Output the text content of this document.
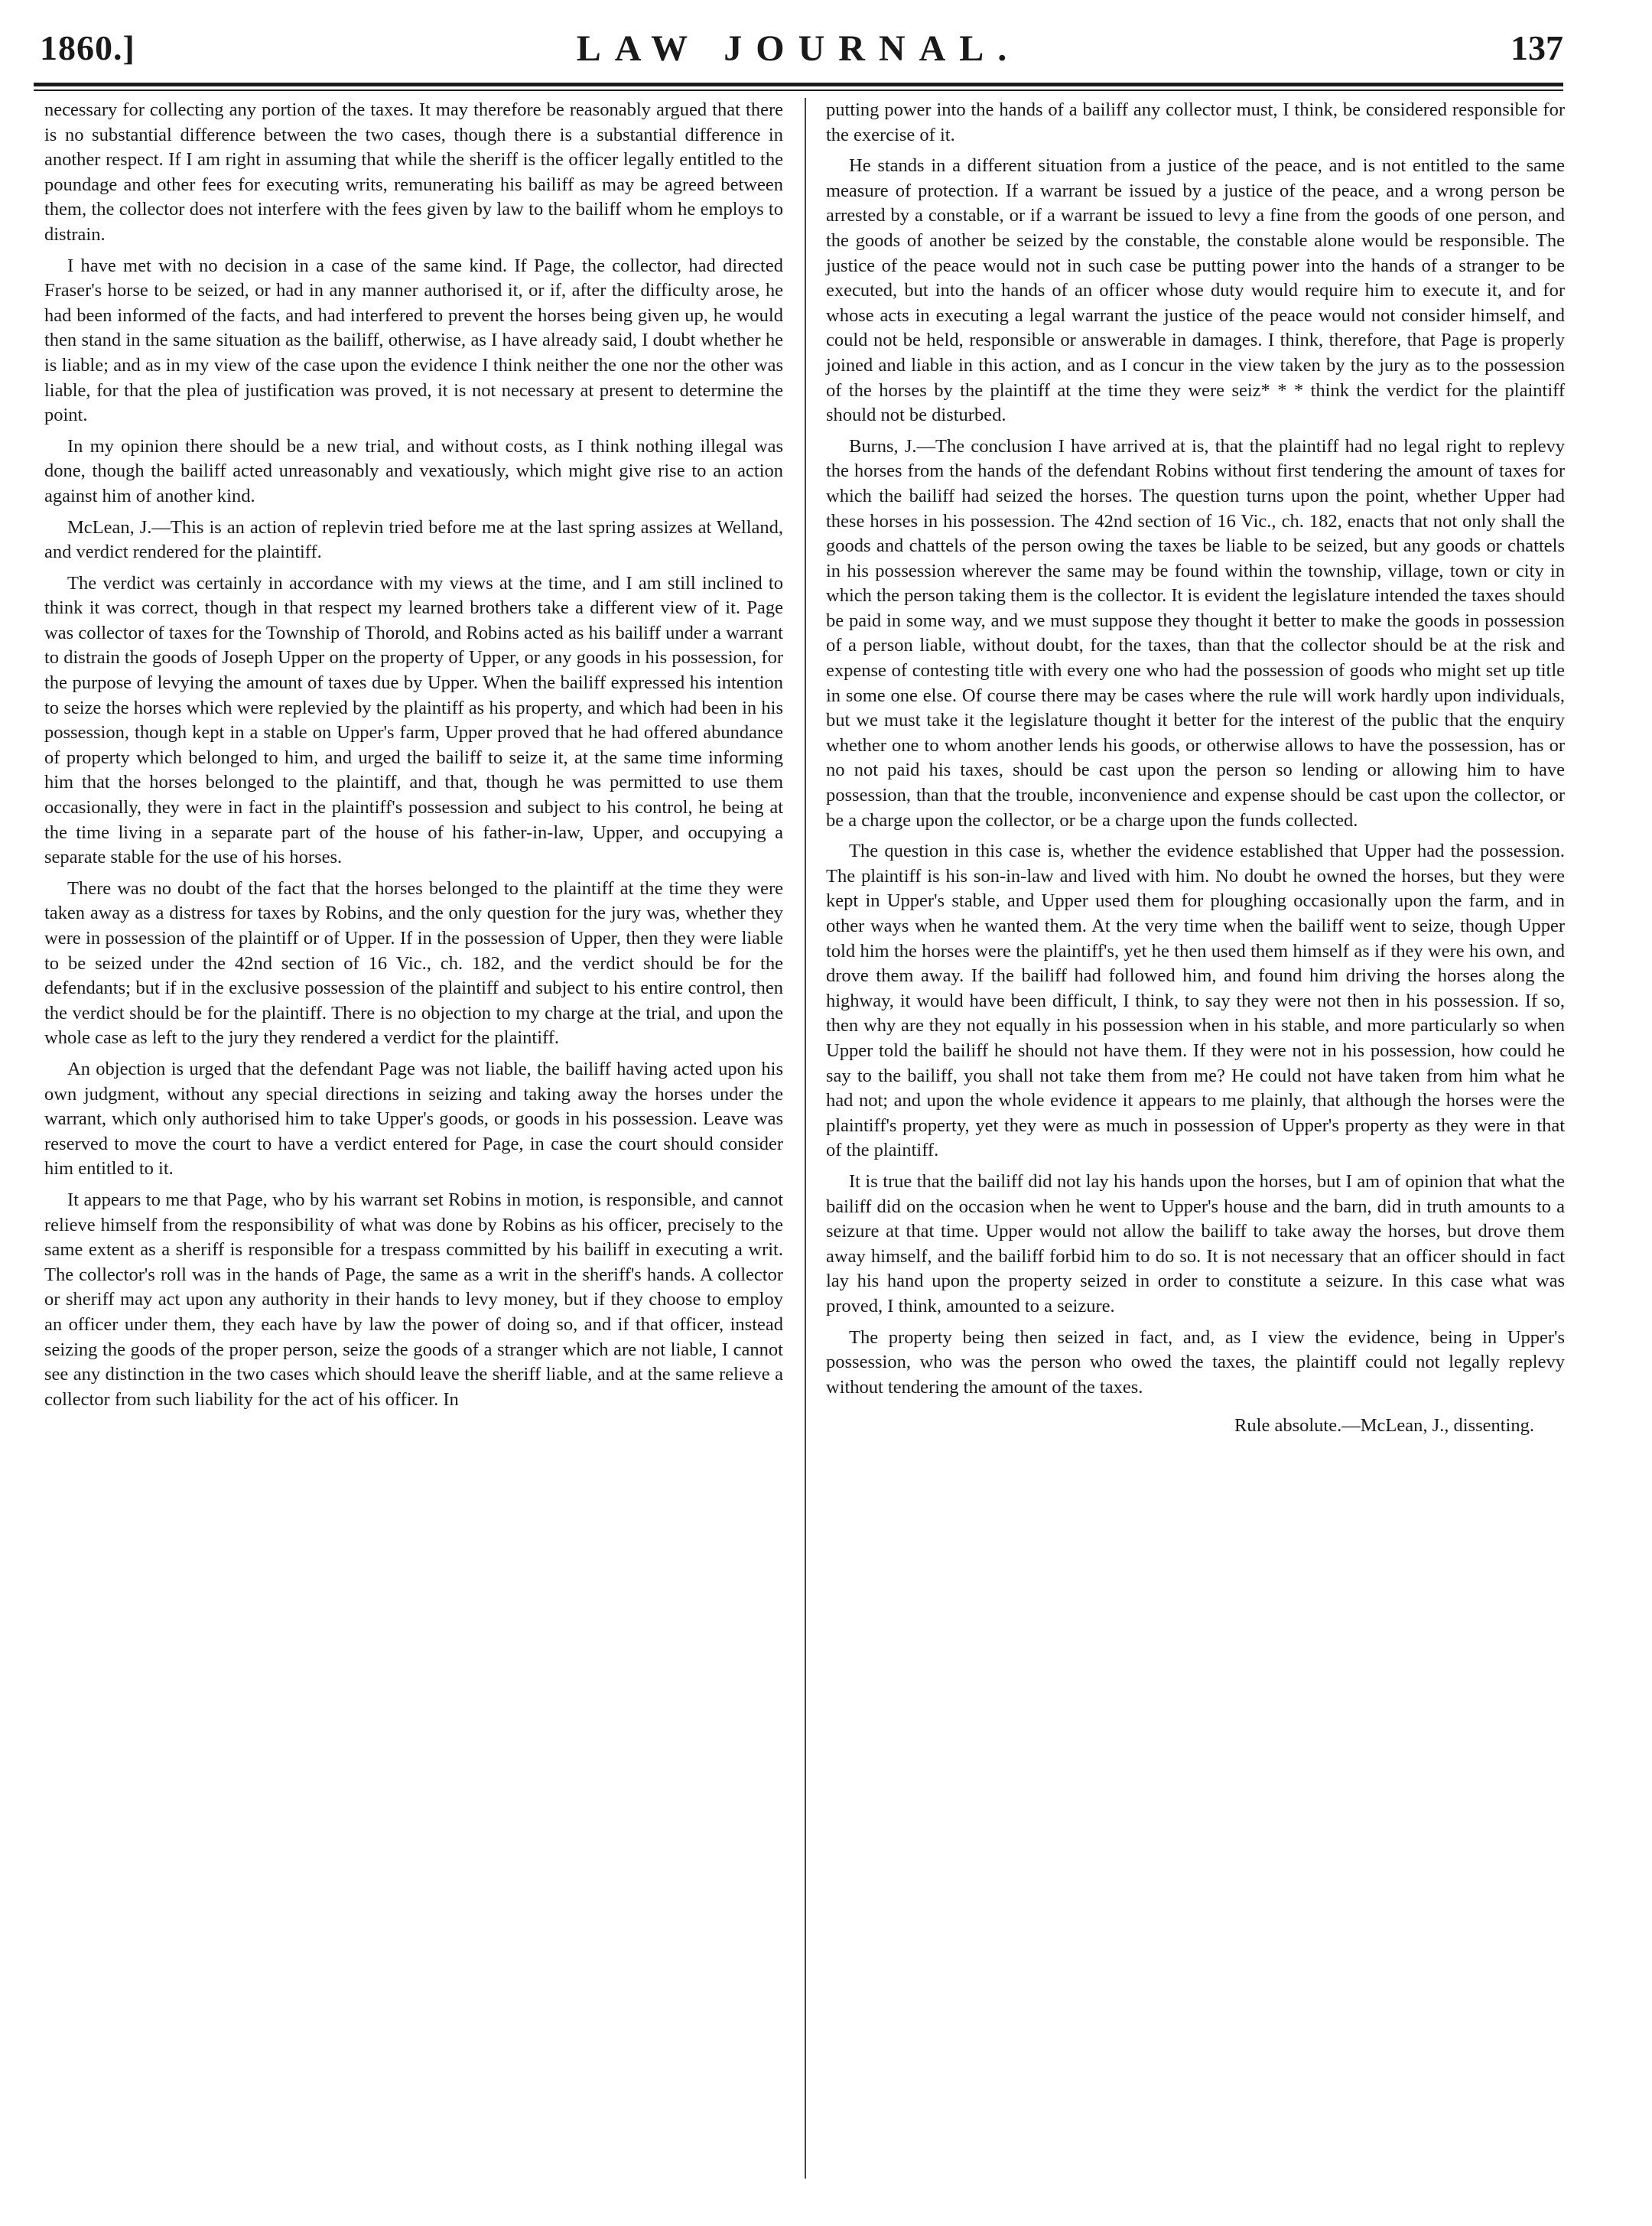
1860.]	LAW JOURNAL.	137

necessary for collecting any portion of the taxes. It may therefore be reasonably argued that there is no substantial difference between the two cases, though there is a substantial difference in another respect. If I am right in assuming that while the sheriff is the officer legally entitled to the poundage and other fees for executing writs, remunerating his bailiff as may be agreed between them, the collector does not interfere with the fees given by law to the bailiff whom he employs to distrain.

I have met with no decision in a case of the same kind. If Page, the collector, had directed Fraser's horse to be seized, or had in any manner authorised it, or if, after the difficulty arose, he had been informed of the facts, and had interfered to prevent the horses being given up, he would then stand in the same situation as the bailiff, otherwise, as I have already said, I doubt whether he is liable; and as in my view of the case upon the evidence I think neither the one nor the other was liable, for that the plea of justification was proved, it is not necessary at present to determine the point.

In my opinion there should be a new trial, and without costs, as I think nothing illegal was done, though the bailiff acted unreasonably and vexatiously, which might give rise to an action against him of another kind.

McLean, J.—This is an action of replevin tried before me at the last spring assizes at Welland, and verdict rendered for the plaintiff.

The verdict was certainly in accordance with my views at the time, and I am still inclined to think it was correct, though in that respect my learned brothers take a different view of it. Page was collector of taxes for the Township of Thorold, and Robins acted as his bailiff under a warrant to distrain the goods of Joseph Upper on the property of Upper, or any goods in his possession, for the purpose of levying the amount of taxes due by Upper. When the bailiff expressed his intention to seize the horses which were replevied by the plaintiff as his property, and which had been in his possession, though kept in a stable on Upper's farm, Upper proved that he had offered abundance of property which belonged to him, and urged the bailiff to seize it, at the same time informing him that the horses belonged to the plaintiff, and that, though he was permitted to use them occasionally, they were in fact in the plaintiff's possession and subject to his control, he being at the time living in a separate part of the house of his father-in-law, Upper, and occupying a separate stable for the use of his horses.

There was no doubt of the fact that the horses belonged to the plaintiff at the time they were taken away as a distress for taxes by Robins, and the only question for the jury was, whether they were in possession of the plaintiff or of Upper. If in the possession of Upper, then they were liable to be seized under the 42nd section of 16 Vic., ch. 182, and the verdict should be for the defendants; but if in the exclusive possession of the plaintiff and subject to his entire control, then the verdict should be for the plaintiff. There is no objection to my charge at the trial, and upon the whole case as left to the jury they rendered a verdict for the plaintiff.

An objection is urged that the defendant Page was not liable, the bailiff having acted upon his own judgment, without any special directions in seizing and taking away the horses under the warrant, which only authorised him to take Upper's goods, or goods in his possession. Leave was reserved to move the court to have a verdict entered for Page, in case the court should consider him entitled to it.

It appears to me that Page, who by his warrant set Robins in motion, is responsible, and cannot relieve himself from the responsibility of what was done by Robins as his officer, precisely to the same extent as a sheriff is responsible for a trespass committed by his bailiff in executing a writ. The collector's roll was in the hands of Page, the same as a writ in the sheriff's hands. A collector or sheriff may act upon any authority in their hands to levy money, but if they choose to employ an officer under them, they each have by law the power of doing so, and if that officer, instead seizing the goods of the proper person, seize the goods of a stranger which are not liable, I cannot see any distinction in the two cases which should leave the sheriff liable, and at the same relieve a collector from such liability for the act of his officer. In

putting power into the hands of a bailiff any collector must, I think, be considered responsible for the exercise of it.

He stands in a different situation from a justice of the peace, and is not entitled to the same measure of protection. If a warrant be issued by a justice of the peace, and a wrong person be arrested by a constable, or if a warrant be issued to levy a fine from the goods of one person, and the goods of another be seized by the constable, the constable alone would be responsible. The justice of the peace would not in such case be putting power into the hands of a stranger to be executed, but into the hands of an officer whose duty would require him to execute it, and for whose acts in executing a legal warrant the justice of the peace would not consider himself, and could not be held, responsible or answerable in damages. I think, therefore, that Page is properly joined and liable in this action, and as I concur in the view taken by the jury as to the possession of the horses by the plaintiff at the time they were seiz* * * think the verdict for the plaintiff should not be disturbed.

Burns, J.—The conclusion I have arrived at is, that the plaintiff had no legal right to replevy the horses from the hands of the defendant Robins without first tendering the amount of taxes for which the bailiff had seized the horses. The question turns upon the point, whether Upper had these horses in his possession. The 42nd section of 16 Vic., ch. 182, enacts that not only shall the goods and chattels of the person owing the taxes be liable to be seized, but any goods or chattels in his possession wherever the same may be found within the township, village, town or city in which the person taking them is the collector. It is evident the legislature intended the taxes should be paid in some way, and we must suppose they thought it better to make the goods in possession of a person liable, without doubt, for the taxes, than that the collector should be at the risk and expense of contesting title with every one who had the possession of goods who might set up title in some one else. Of course there may be cases where the rule will work hardly upon individuals, but we must take it the legislature thought it better for the interest of the public that the enquiry whether one to whom another lends his goods, or otherwise allows to have the possession, has or no not paid his taxes, should be cast upon the person so lending or allowing him to have possession, than that the trouble, inconvenience and expense should be cast upon the collector, or be a charge upon the collector, or be a charge upon the funds collected.

The question in this case is, whether the evidence established that Upper had the possession. The plaintiff is his son-in-law and lived with him. No doubt he owned the horses, but they were kept in Upper's stable, and Upper used them for ploughing occasionally upon the farm, and in other ways when he wanted them. At the very time when the bailiff went to seize, though Upper told him the horses were the plaintiff's, yet he then used them himself as if they were his own, and drove them away. If the bailiff had followed him, and found him driving the horses along the highway, it would have been difficult, I think, to say they were not then in his possession. If so, then why are they not equally in his possession when in his stable, and more particularly so when Upper told the bailiff he should not have them. If they were not in his possession, how could he say to the bailiff, you shall not take them from me? He could not have taken from him what he had not; and upon the whole evidence it appears to me plainly, that although the horses were the plaintiff's property, yet they were as much in possession of Upper's property as they were in that of the plaintiff.

It is true that the bailiff did not lay his hands upon the horses, but I am of opinion that what the bailiff did on the occasion when he went to Upper's house and the barn, did in truth amounts to a seizure at that time. Upper would not allow the bailiff to take away the horses, but drove them away himself, and the bailiff forbid him to do so. It is not necessary that an officer should in fact lay his hand upon the property seized in order to constitute a seizure. In this case what was proved, I think, amounted to a seizure.

The property being then seized in fact, and, as I view the evidence, being in Upper's possession, who was the person who owed the taxes, the plaintiff could not legally replevy without tendering the amount of the taxes.

Rule absolute.—McLean, J., dissenting.
